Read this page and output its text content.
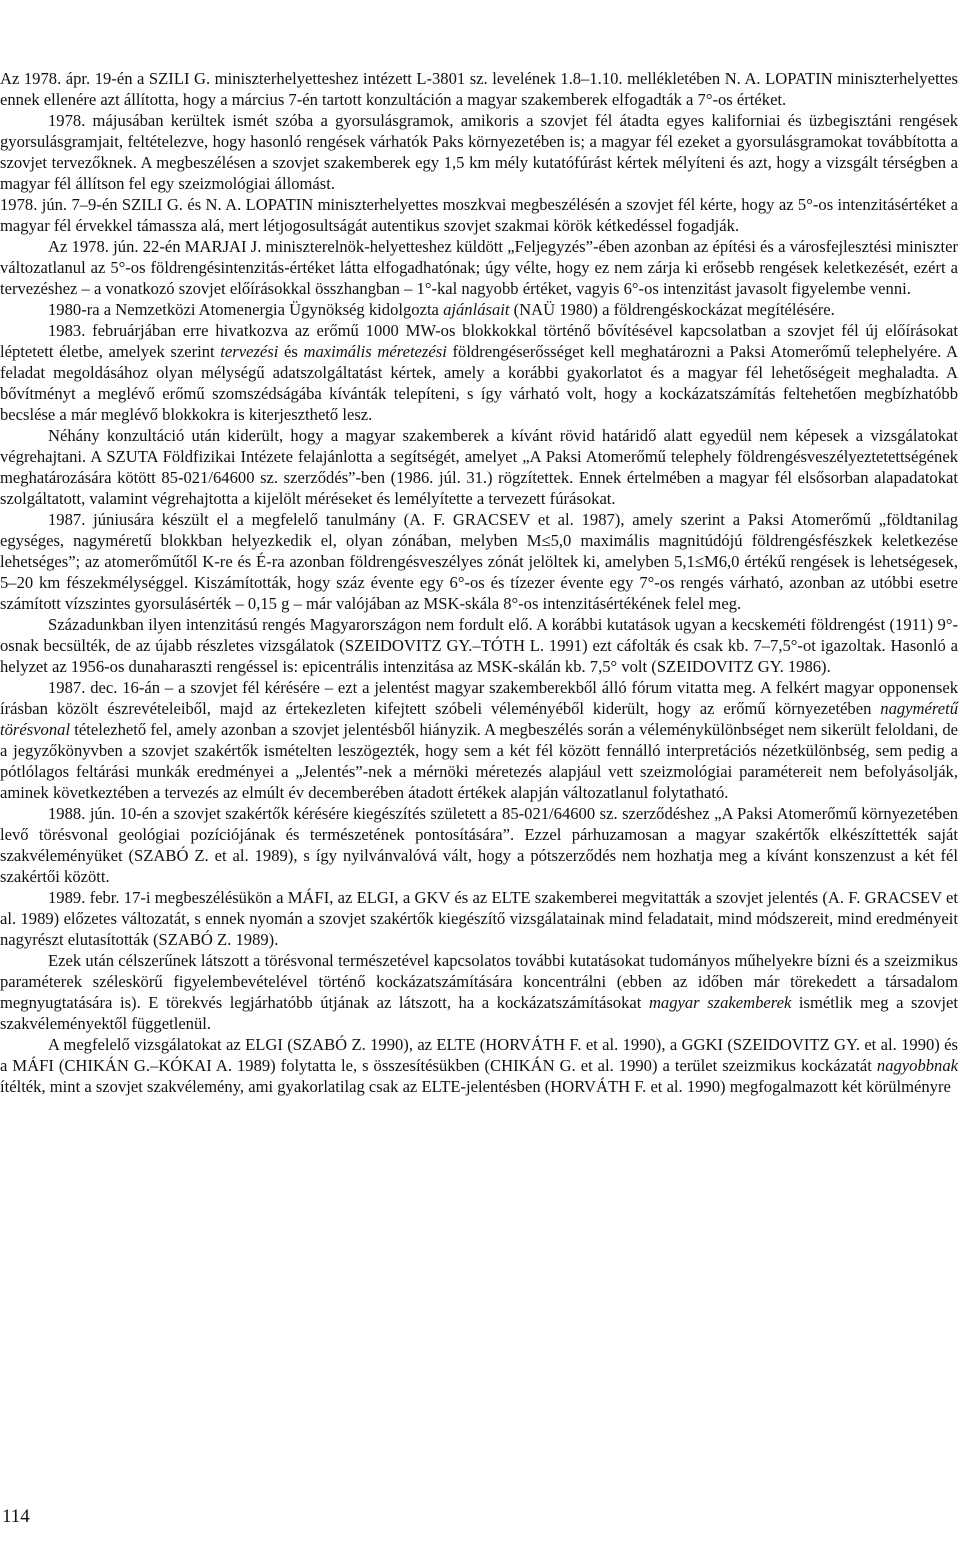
Az 1978. ápr. 19-én a SZILI G. miniszterhelyetteshez intézett L-3801 sz. levelének 1.8–1.10. mellékletében N. A. LOPATIN miniszterhelyettes ennek ellenére azt állította, hogy a március 7-én tartott konzultáción a magyar szakemberek elfogadták a 7°-os értéket.

1978. májusában kerültek ismét szóba a gyorsulásgramok, amikoris a szovjet fél átadta egyes kaliforniai és üzbegisztáni rengések gyorsulásgramjait, feltételezve, hogy hasonló rengések várhatók Paks környezetében is; a magyar fél ezeket a gyorsulásgramokat továbbította a szovjet tervezőknek. A megbeszélésen a szovjet szakemberek egy 1,5 km mély kutatófúrást kértek mélyíteni és azt, hogy a vizsgált térségben a magyar fél állítson fel egy szeizmológiai állomást.

1978. jún. 7–9-én SZILI G. és N. A. LOPATIN miniszterhelyettes moszkvai megbeszélésén a szovjet fél kérte, hogy az 5°-os intenzitásértéket a magyar fél érvekkel támassza alá, mert létjogosultságát autentikus szovjet szakmai körök kétkedéssel fogadják.

Az 1978. jún. 22-én MARJAI J. miniszterelnök-helyetteshez küldött „Feljegyzés”-ében azonban az építési és a városfejlesztési miniszter változatlanul az 5°-os földrengésintenzitás-értéket látta elfogadhatónak; úgy vélte, hogy ez nem zárja ki erősebb rengések keletkezését, ezért a tervezéshez – a vonatkozó szovjet előírásokkal összhangban – 1°-kal nagyobb értéket, vagyis 6°-os intenzitást javasolt figyelembe venni.

1980-ra a Nemzetközi Atomenergia Ügynökség kidolgozta ajánlásait (NAÜ 1980) a földrengéskockázat megítélésére.

1983. februárjában erre hivatkozva az erőmű 1000 MW-os blokkokkal történő bővítésével kapcsolatban a szovjet fél új előírásokat léptetett életbe, amelyek szerint tervezési és maximális méretezési földrengéserősséget kell meghatározni a Paksi Atomerőmű telephelyére. A feladat megoldásához olyan mélységű adatszolgáltatást kértek, amely a korábbi gyakorlatot és a magyar fél lehetőségeit meghaladta. A bővítményt a meglévő erőmű szomszédságába kívánták telepíteni, s így várható volt, hogy a kockázatszámítás feltehetően megbízhatóbb becslése a már meglévő blokkokra is kiterjeszthető lesz.

Néhány konzultáció után kiderült, hogy a magyar szakemberek a kívánt rövid határidő alatt egyedül nem képesek a vizsgálatokat végrehajtani. A SZUTA Földfizikai Intézete felajánlotta a segítségét, amelyet „A Paksi Atomerőmű telephely földrengésveszélyeztetettségének meghatározására kötött 85-021/64600 sz. szerződés”-ben (1986. júl. 31.) rögzítettek. Ennek értelmében a magyar fél elsősorban alapadatokat szolgáltatott, valamint végrehajtotta a kijelölt méréseket és lemélyítette a tervezett fúrásokat.

1987. júniusára készült el a megfelelő tanulmány (A. F. GRACSEV et al. 1987), amely szerint a Paksi Atomerőmű „földtanilag egységes, nagyméretű blokkban helyezkedik el, olyan zónában, melyben M≤5,0 maximális magnitúdójú földrengésfészkek keletkezése lehetséges”; az atomerőműtől K-re és É-ra azonban földrengésveszélyes zónát jelöltek ki, amelyben 5,1≤M6,0 értékű rengések is lehetségesek, 5–20 km fészekmélységgel. Kiszámították, hogy száz évente egy 6°-os és tízezer évente egy 7°-os rengés várható, azonban az utóbbi esetre számított vízszintes gyorsulásérték – 0,15 g – már valójában az MSK-skála 8°-os intenzitásértékének felel meg.

Századunkban ilyen intenzitású rengés Magyarországon nem fordult elő. A korábbi kutatások ugyan a kecskeméti földrengést (1911) 9°-osnak becsülték, de az újabb részletes vizsgálatok (SZEIDOVITZ GY.–TÓTH L. 1991) ezt cáfolták és csak kb. 7–7,5°-ot igazoltak. Hasonló a helyzet az 1956-os dunaharaszti rengéssel is: epicentrális intenzitása az MSK-skálán kb. 7,5° volt (SZEIDOVITZ GY. 1986).

1987. dec. 16-án – a szovjet fél kérésére – ezt a jelentést magyar szakemberekből álló fórum vitatta meg. A felkért magyar opponensek írásban közölt észrevételeiből, majd az értekezleten kifejtett szóbeli véleményéből kiderült, hogy az erőmű környezetében nagyméretű törésvonal tételezhető fel, amely azonban a szovjet jelentésből hiányzik. A megbeszélés során a véleménykülönbséget nem sikerült feloldani, de a jegyzőkönyvben a szovjet szakértők ismételten leszögezték, hogy sem a két fél között fennálló interpretációs nézetkülönbség, sem pedig a pótlólagos feltárási munkák eredményei a „Jelentés”-nek a mérnöki méretezés alapjául vett szeizmológiai paramétereit nem befolyásolják, aminek következtében a tervezés az elmúlt év decemberében átadott értékek alapján változatlanul folytatható.

1988. jún. 10-én a szovjet szakértők kérésére kiegészítés született a 85-021/64600 sz. szerződéshez „A Paksi Atomerőmű környezetében levő törésvonal geológiai pozíciójának és természetének pontosítására”. Ezzel párhuzamosan a magyar szakértők elkészíttették saját szakvéleményüket (SZABÓ Z. et al. 1989), s így nyilvánvalóvá vált, hogy a pótszerződés nem hozhatja meg a kívánt konszenzust a két fél szakértői között.

1989. febr. 17-i megbeszélésükön a MÁFI, az ELGI, a GKV és az ELTE szakemberei megvitatták a szovjet jelentés (A. F. GRACSEV et al. 1989) előzetes változatát, s ennek nyomán a szovjet szakértők kiegészítő vizsgálatainak mind feladatait, mind módszereit, mind eredményeit nagyrészt elutasították (SZABÓ Z. 1989).

Ezek után célszerűnek látszott a törésvonal természetével kapcsolatos további kutatásokat tudományos műhelyekre bízni és a szeizmikus paraméterek széleskörű figyelembevételével történő kockázatszámítására koncentrálni (ebben az időben már törekedett a társadalom megnyugtatására is). E törekvés legjárhatóbb útjának az látszott, ha a kockázatszámításokat magyar szakemberek ismétlik meg a szovjet szakvéleményektől függetlenül.

A megfelelő vizsgálatokat az ELGI (SZABÓ Z. 1990), az ELTE (HORVÁTH F. et al. 1990), a GGKI (SZEIDOVITZ GY. et al. 1990) és a MÁFI (CHIKÁN G.–KÓKAI A. 1989) folytatta le, s összesítésükben (CHIKÁN G. et al. 1990) a terület szeizmikus kockázatát nagyobbnak ítélték, mint a szovjet szakvélemény, ami gyakorlatilag csak az ELTE-jelentésben (HORVÁTH F. et al. 1990) megfogalmazott két körülményre

114
